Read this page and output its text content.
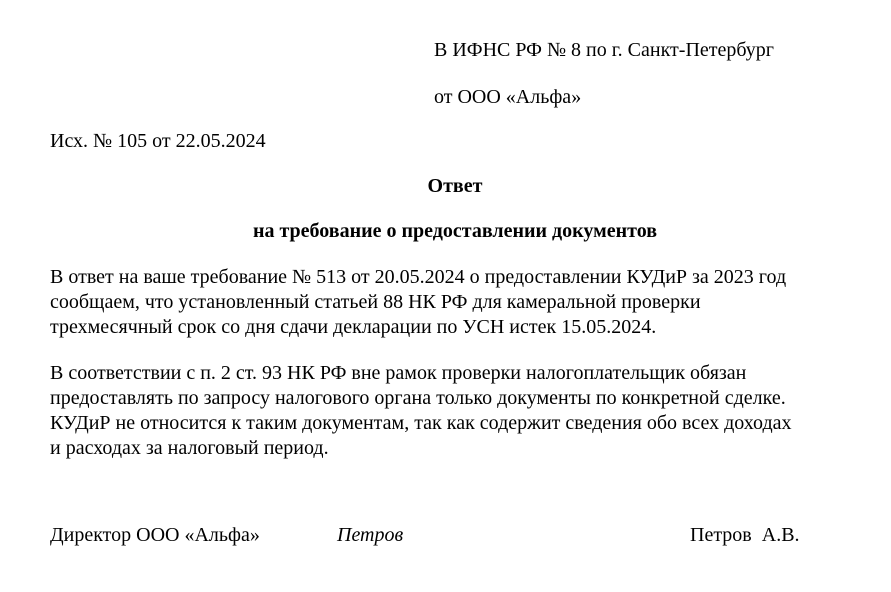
В ИФНС РФ № 8 по г. Санкт-Петербург
от ООО «Альфа»
Исх. № 105 от 22.05.2024
Ответ
на требование о предоставлении документов
В ответ на ваше требование № 513 от 20.05.2024 о предоставлении КУДиР за 2023 год
сообщаем, что установленный статьей 88 НК РФ для камеральной проверки
трехмесячный срок со дня сдачи декларации по УСН истек 15.05.2024.
В соответствии с п. 2 ст. 93 НК РФ вне рамок проверки налогоплательщик обязан
предоставлять по запросу налогового органа только документы по конкретной сделке.
КУДиР не относится к таким документам, так как содержит сведения обо всех доходах
и расходах за налоговый период.
Директор ООО «Альфа»	Петров	Петров  А.В.
